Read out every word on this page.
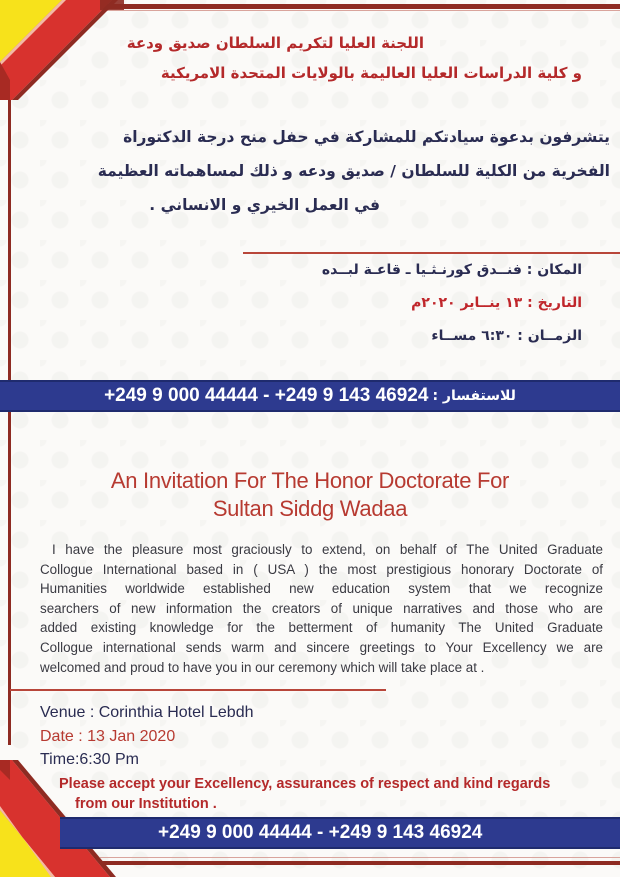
اللجنة العليا لتكريم السلطان صديق ودعة
و كلية الدراسات العليا العاليمة بالولايات المتحدة الامريكية
يتشرفون بدعوة سيادتكم للمشاركة في حفل منح درجة الدكتوراة
الفخرية من الكلية للسلطان / صديق ودعه و ذلك لمساهماته العظيمة
في العمل الخيري و الانساني .
المكان : فنــدق كورنـثـيا ـ قاعـة لبــده
التاريخ : ١٣ ينــاير ٢٠٢٠م
الزمــان : ٦:٣٠ مســاء
للاستفسار :
+249 9 000 44444 - +249 9 143 46924
An Invitation For The Honor Doctorate For
Sultan Siddg Wadaa
I have the pleasure most graciously to extend, on behalf of The United Graduate
Collogue International based in ( USA ) the most prestigious honorary Doctorate of
Humanities worldwide established new education system that we recognize
searchers of new information the creators of unique narratives and those who are
added existing knowledge for the betterment of humanity The United Graduate
Collogue international sends warm and sincere greetings to Your Excellency we are
welcomed and proud to have you in our ceremony which will take place at .
Venue : Corinthia Hotel Lebdh
Date : 13 Jan 2020
Time:6:30 Pm
Please accept your Excellency, assurances of respect and kind regards
from our Institution .
+249 9 000 44444 - +249 9 143 46924
